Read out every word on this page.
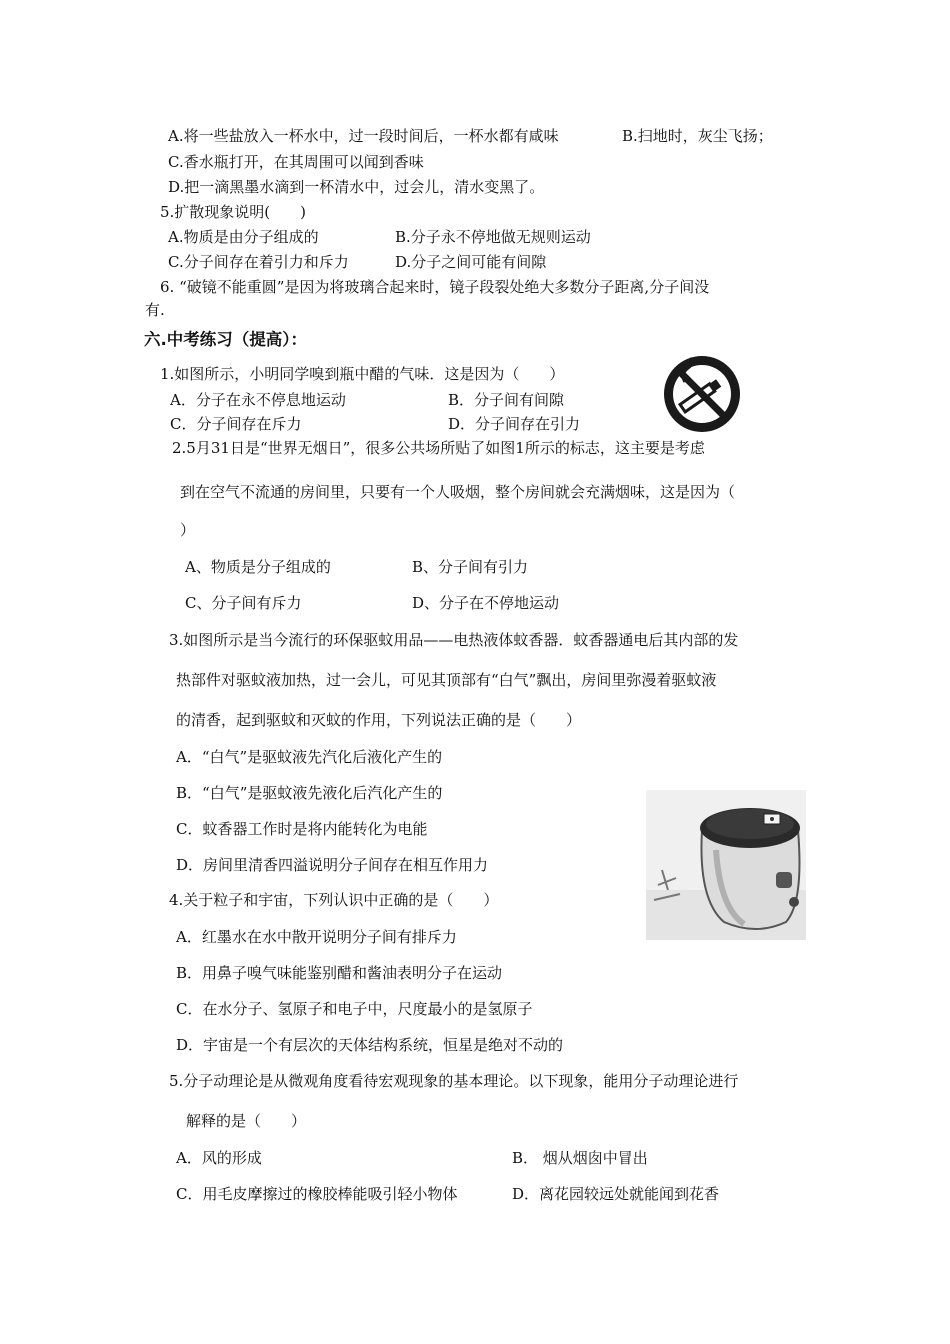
A.将一些盐放入一杯水中，过一段时间后，一杯水都有咸味	B.扫地时，灰尘飞扬；
C.香水瓶打开，在其周围可以闻到香味
D.把一滴黑墨水滴到一杯清水中，过会儿，清水变黑了。
5.扩散现象说明(　　)
A.物质是由分子组成的	B.分子永不停地做无规则运动
C.分子间存在着引力和斥力	D.分子之间可能有间隙
6. “破镜不能重圆”是因为将玻璃合起来时，镜子段裂处绝大多数分子距离,分子间没
有.
六.中考练习（提高）：
1.如图所示，小明同学嗅到瓶中醋的气味．这是因为（　　）
A．分子在永不停息地运动	B．分子间有间隙
C．分子间存在斥力	D．分子间存在引力
2.5月31日是“世界无烟日”，很多公共场所贴了如图1所示的标志，这主要是考虑
到在空气不流通的房间里，只要有一个人吸烟，整个房间就会充满烟味，这是因为（
）
A、物质是分子组成的	B、分子间有引力
C、分子间有斥力	D、分子在不停地运动
3.如图所示是当今流行的环保驱蚊用品——电热液体蚊香器．蚊香器通电后其内部的发
热部件对驱蚊液加热，过一会儿，可见其顶部有“白气”飘出，房间里弥漫着驱蚊液
的清香，起到驱蚊和灭蚊的作用，下列说法正确的是（　　）
A．“白气”是驱蚊液先汽化后液化产生的
B．“白气”是驱蚊液先液化后汽化产生的
C．蚊香器工作时是将内能转化为电能
D．房间里清香四溢说明分子间存在相互作用力
4.关于粒子和宇宙，下列认识中正确的是（　　）
A．红墨水在水中散开说明分子间有排斥力
B．用鼻子嗅气味能鉴别醋和酱油表明分子在运动
C．在水分子、氢原子和电子中，尺度最小的是氢原子
D．宇宙是一个有层次的天体结构系统，恒星是绝对不动的
5.分子动理论是从微观角度看待宏观现象的基本理论。以下现象，能用分子动理论进行
解释的是（　　）
A．风的形成	B． 烟从烟囱中冒出
C．用毛皮摩擦过的橡胶棒能吸引轻小物体	D．离花园较远处就能闻到花香
